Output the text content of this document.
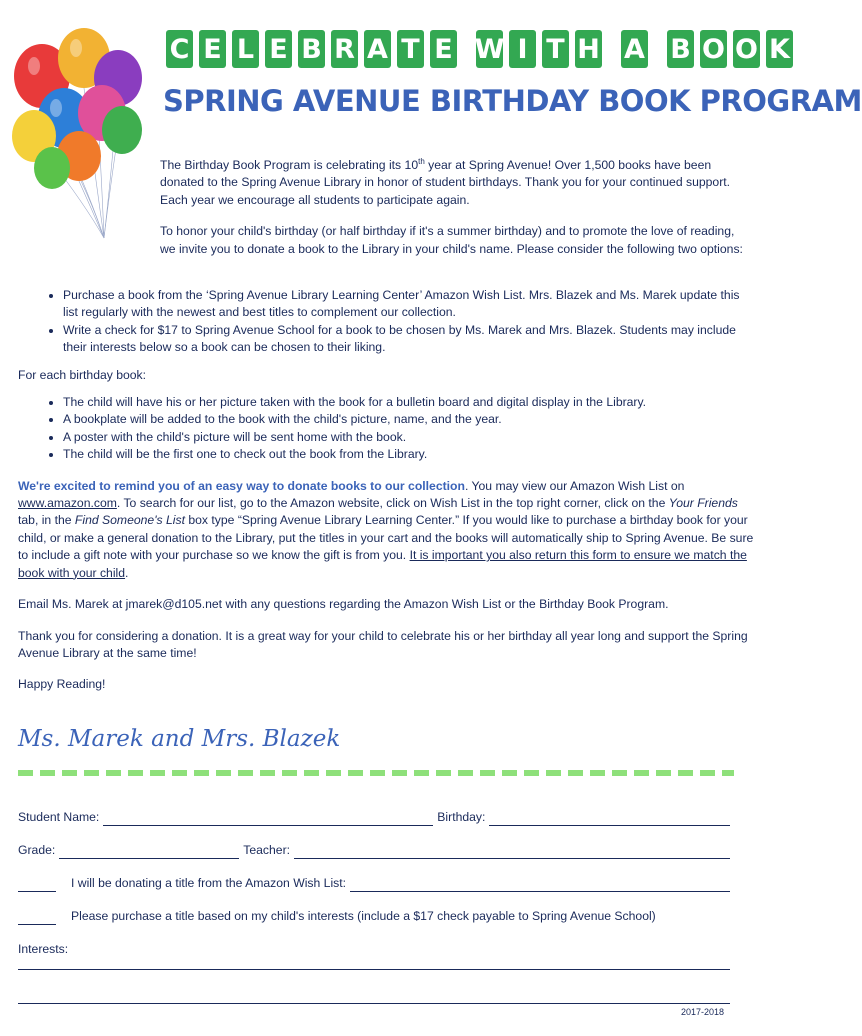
C E L E B R A T E W I T H A B O O K
SPRING AVENUE BIRTHDAY BOOK PROGRAM

The Birthday Book Program is celebrating its 10th year at Spring Avenue! Over 1,500 books have been donated to the Spring Avenue Library in honor of student birthdays. Thank you for your continued support. Each year we encourage all students to participate again.

To honor your child's birthday (or half birthday if it's a summer birthday) and to promote the love of reading, we invite you to donate a book to the Library in your child's name. Please consider the following two options:

• Purchase a book from the ‘Spring Avenue Library Learning Center’ Amazon Wish List. Mrs. Blazek and Ms. Marek update this list regularly with the newest and best titles to complement our collection.
• Write a check for $17 to Spring Avenue School for a book to be chosen by Ms. Marek and Mrs. Blazek. Students may include their interests below so a book can be chosen to their liking.

For each birthday book:

• The child will have his or her picture taken with the book for a bulletin board and digital display in the Library.
• A bookplate will be added to the book with the child's picture, name, and the year.
• A poster with the child's picture will be sent home with the book.
• The child will be the first one to check out the book from the Library.

We're excited to remind you of an easy way to donate books to our collection. You may view our Amazon Wish List on www.amazon.com. To search for our list, go to the Amazon website, click on Wish List in the top right corner, click on the Your Friends tab, in the Find Someone's List box type “Spring Avenue Library Learning Center.” If you would like to purchase a birthday book for your child, or make a general donation to the Library, put the titles in your cart and the books will automatically ship to Spring Avenue. Be sure to include a gift note with your purchase so we know the gift is from you. It is important you also return this form to ensure we match the book with your child.

Email Ms. Marek at jmarek@d105.net with any questions regarding the Amazon Wish List or the Birthday Book Program.

Thank you for considering a donation. It is a great way for your child to celebrate his or her birthday all year long and support the Spring Avenue Library at the same time!

Happy Reading!

Ms. Marek and Mrs. Blazek
Student Name:	Birthday:
Grade:	Teacher:
I will be donating a title from the Amazon Wish List:
Please purchase a title based on my child's interests (include a $17 check payable to Spring Avenue School)
Interests:
2017-2018
